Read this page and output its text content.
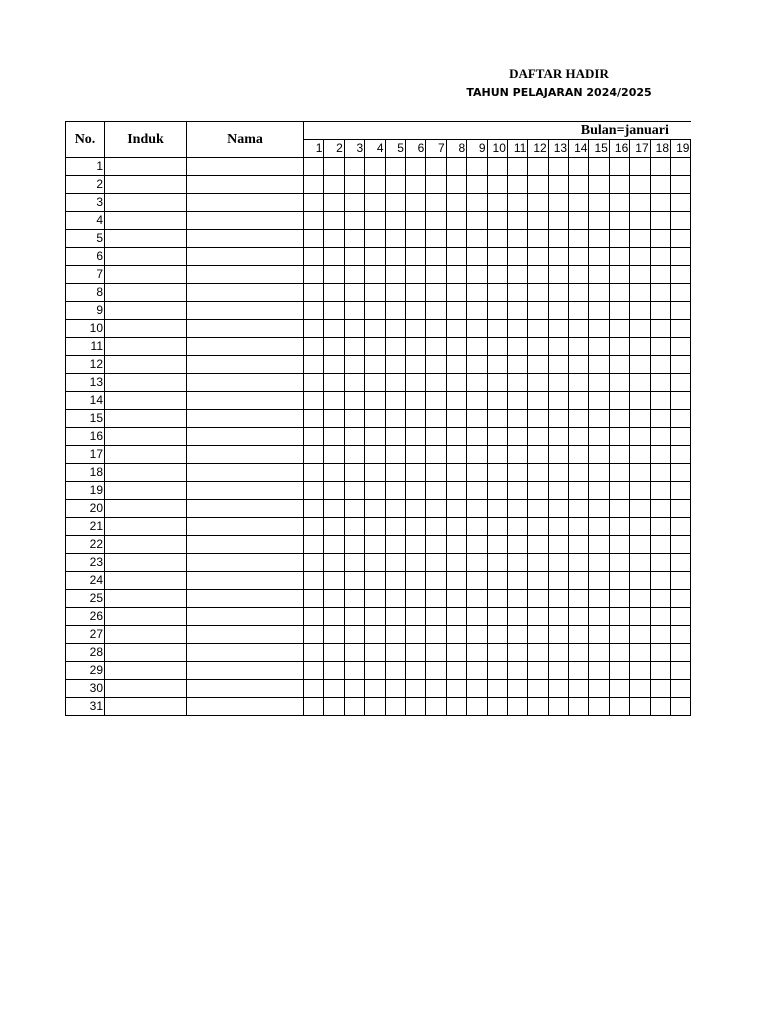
DAFTAR HADIR
TAHUN PELAJARAN 2024/2025
No.	Induk	Nama	Bulan=januari																		
			1	2	3	4	5	6	7	8	9	10	11	12	13	14	15	16	17	18	19
1																					
2																					
3																					
4																					
5																					
6																					
7																					
8																					
9																					
10																					
11																					
12																					
13																					
14																					
15																					
16																					
17																					
18																					
19																					
20																					
21																					
22																					
23																					
24																					
25																					
26																					
27																					
28																					
29																					
30																					
31																					
